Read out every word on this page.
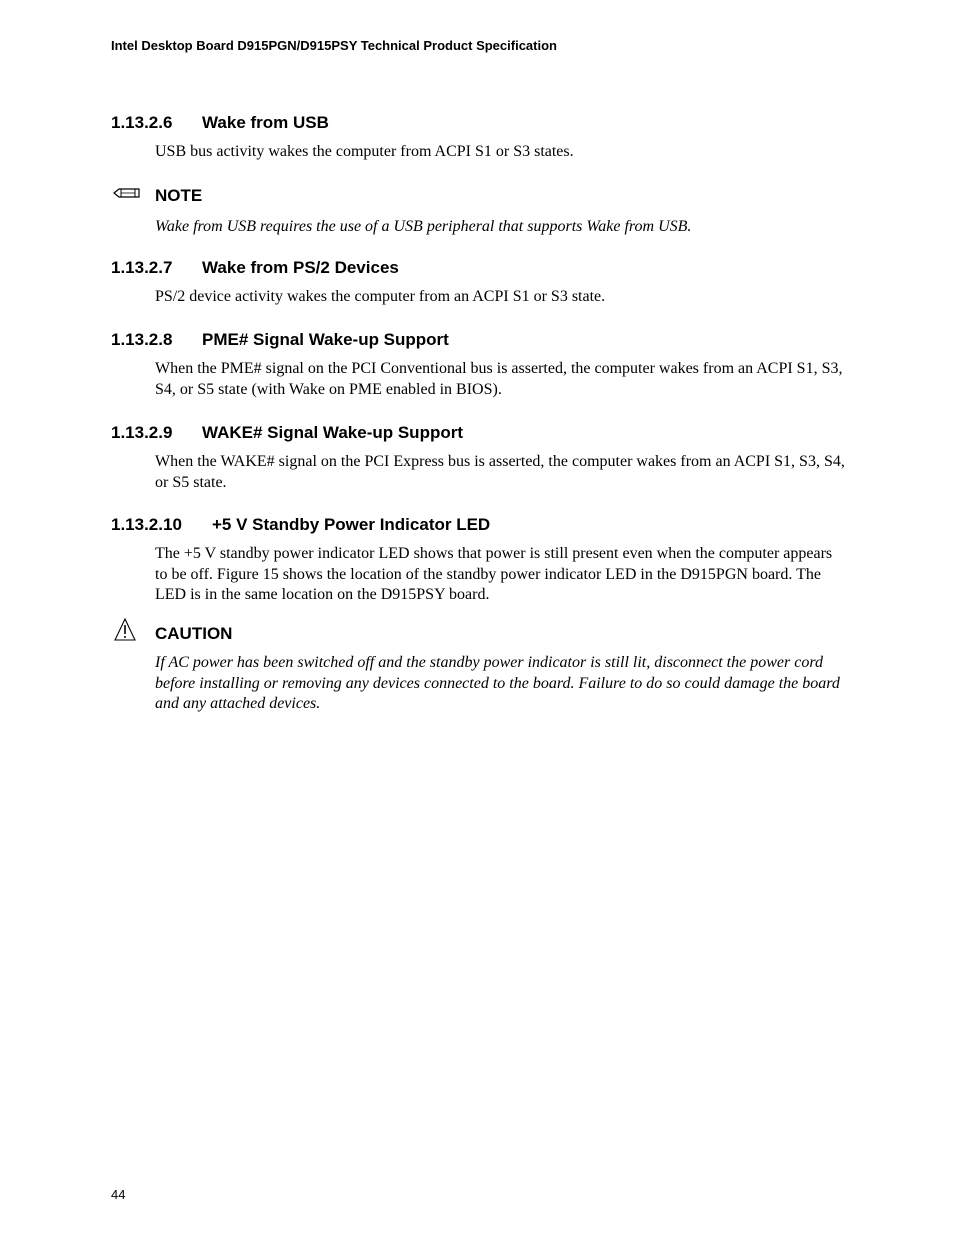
Intel Desktop Board D915PGN/D915PSY Technical Product Specification
1.13.2.6 Wake from USB
USB bus activity wakes the computer from ACPI S1 or S3 states.
NOTE
Wake from USB requires the use of a USB peripheral that supports Wake from USB.
1.13.2.7 Wake from PS/2 Devices
PS/2 device activity wakes the computer from an ACPI S1 or S3 state.
1.13.2.8 PME# Signal Wake-up Support
When the PME# signal on the PCI Conventional bus is asserted, the computer wakes from an ACPI S1, S3, S4, or S5 state (with Wake on PME enabled in BIOS).
1.13.2.9 WAKE# Signal Wake-up Support
When the WAKE# signal on the PCI Express bus is asserted, the computer wakes from an ACPI S1, S3, S4, or S5 state.
1.13.2.10 +5 V Standby Power Indicator LED
The +5 V standby power indicator LED shows that power is still present even when the computer appears to be off. Figure 15 shows the location of the standby power indicator LED in the D915PGN board. The LED is in the same location on the D915PSY board.
CAUTION
If AC power has been switched off and the standby power indicator is still lit, disconnect the power cord before installing or removing any devices connected to the board. Failure to do so could damage the board and any attached devices.
44
